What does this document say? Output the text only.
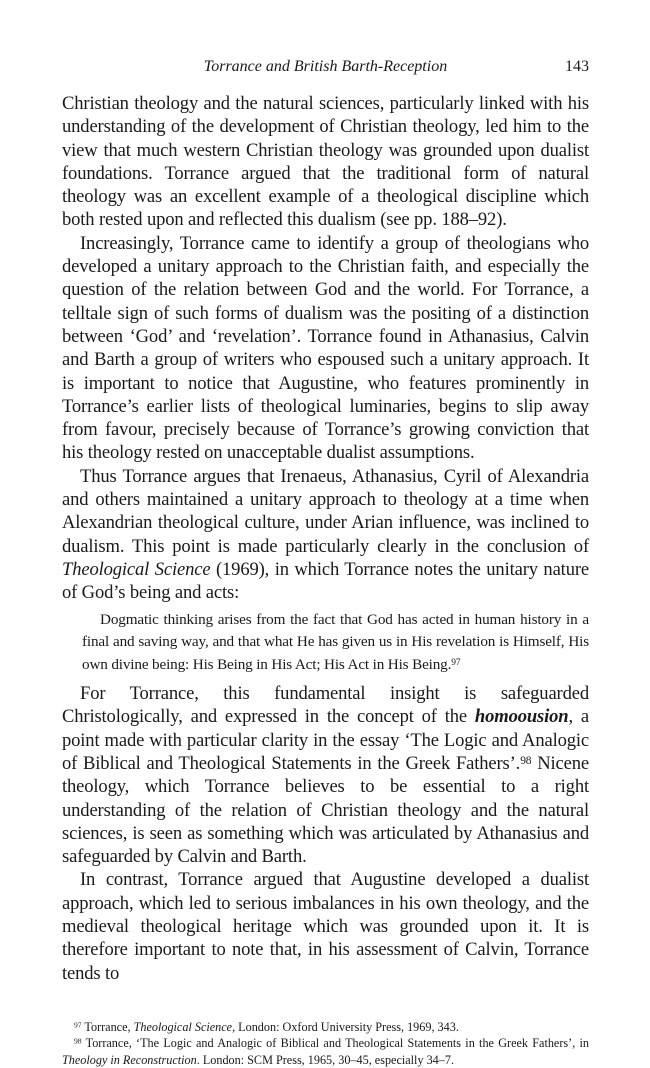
Torrance and British Barth-Reception	143

Christian theology and the natural sciences, particularly linked with his understanding of the development of Christian theology, led him to the view that much western Christian theology was grounded upon dualist foundations. Torrance argued that the traditional form of natural theology was an excellent example of a theological discipline which both rested upon and reflected this dualism (see pp. 188–92).

Increasingly, Torrance came to identify a group of theologians who developed a unitary approach to the Christian faith, and especially the question of the relation between God and the world. For Torrance, a telltale sign of such forms of dualism was the positing of a distinction between ‘God’ and ‘revelation’. Torrance found in Athanasius, Calvin and Barth a group of writers who espoused such a unitary approach. It is important to notice that Augustine, who features prominently in Torrance’s earlier lists of theological luminaries, begins to slip away from favour, precisely because of Torrance’s growing conviction that his theology rested on unacceptable dualist assumptions.

Thus Torrance argues that Irenaeus, Athanasius, Cyril of Alexandria and others maintained a unitary approach to theology at a time when Alexandrian theological culture, under Arian influence, was inclined to dualism. This point is made particularly clearly in the conclusion of Theological Science (1969), in which Torrance notes the unitary nature of God’s being and acts:

Dogmatic thinking arises from the fact that God has acted in human history in a final and saving way, and that what He has given us in His revelation is Himself, His own divine being: His Being in His Act; His Act in His Being.$^{97}$

For Torrance, this fundamental insight is safeguarded Christologically, and expressed in the concept of the homoousion, a point made with particular clarity in the essay ‘The Logic and Analogic of Biblical and Theological Statements in the Greek Fathers’.$^{98}$ Nicene theology, which Torrance believes to be essential to a right understanding of the relation of Christian theology and the natural sciences, is seen as something which was articulated by Athanasius and safeguarded by Calvin and Barth.

In contrast, Torrance argued that Augustine developed a dualist approach, which led to serious imbalances in his own theology, and the medieval theological heritage which was grounded upon it. It is therefore important to note that, in his assessment of Calvin, Torrance tends to

$^{97}$ Torrance, Theological Science, London: Oxford University Press, 1969, 343.

$^{98}$ Torrance, ‘The Logic and Analogic of Biblical and Theological Statements in the Greek Fathers’, in Theology in Reconstruction. London: SCM Press, 1965, 30–45, especially 34–7.
